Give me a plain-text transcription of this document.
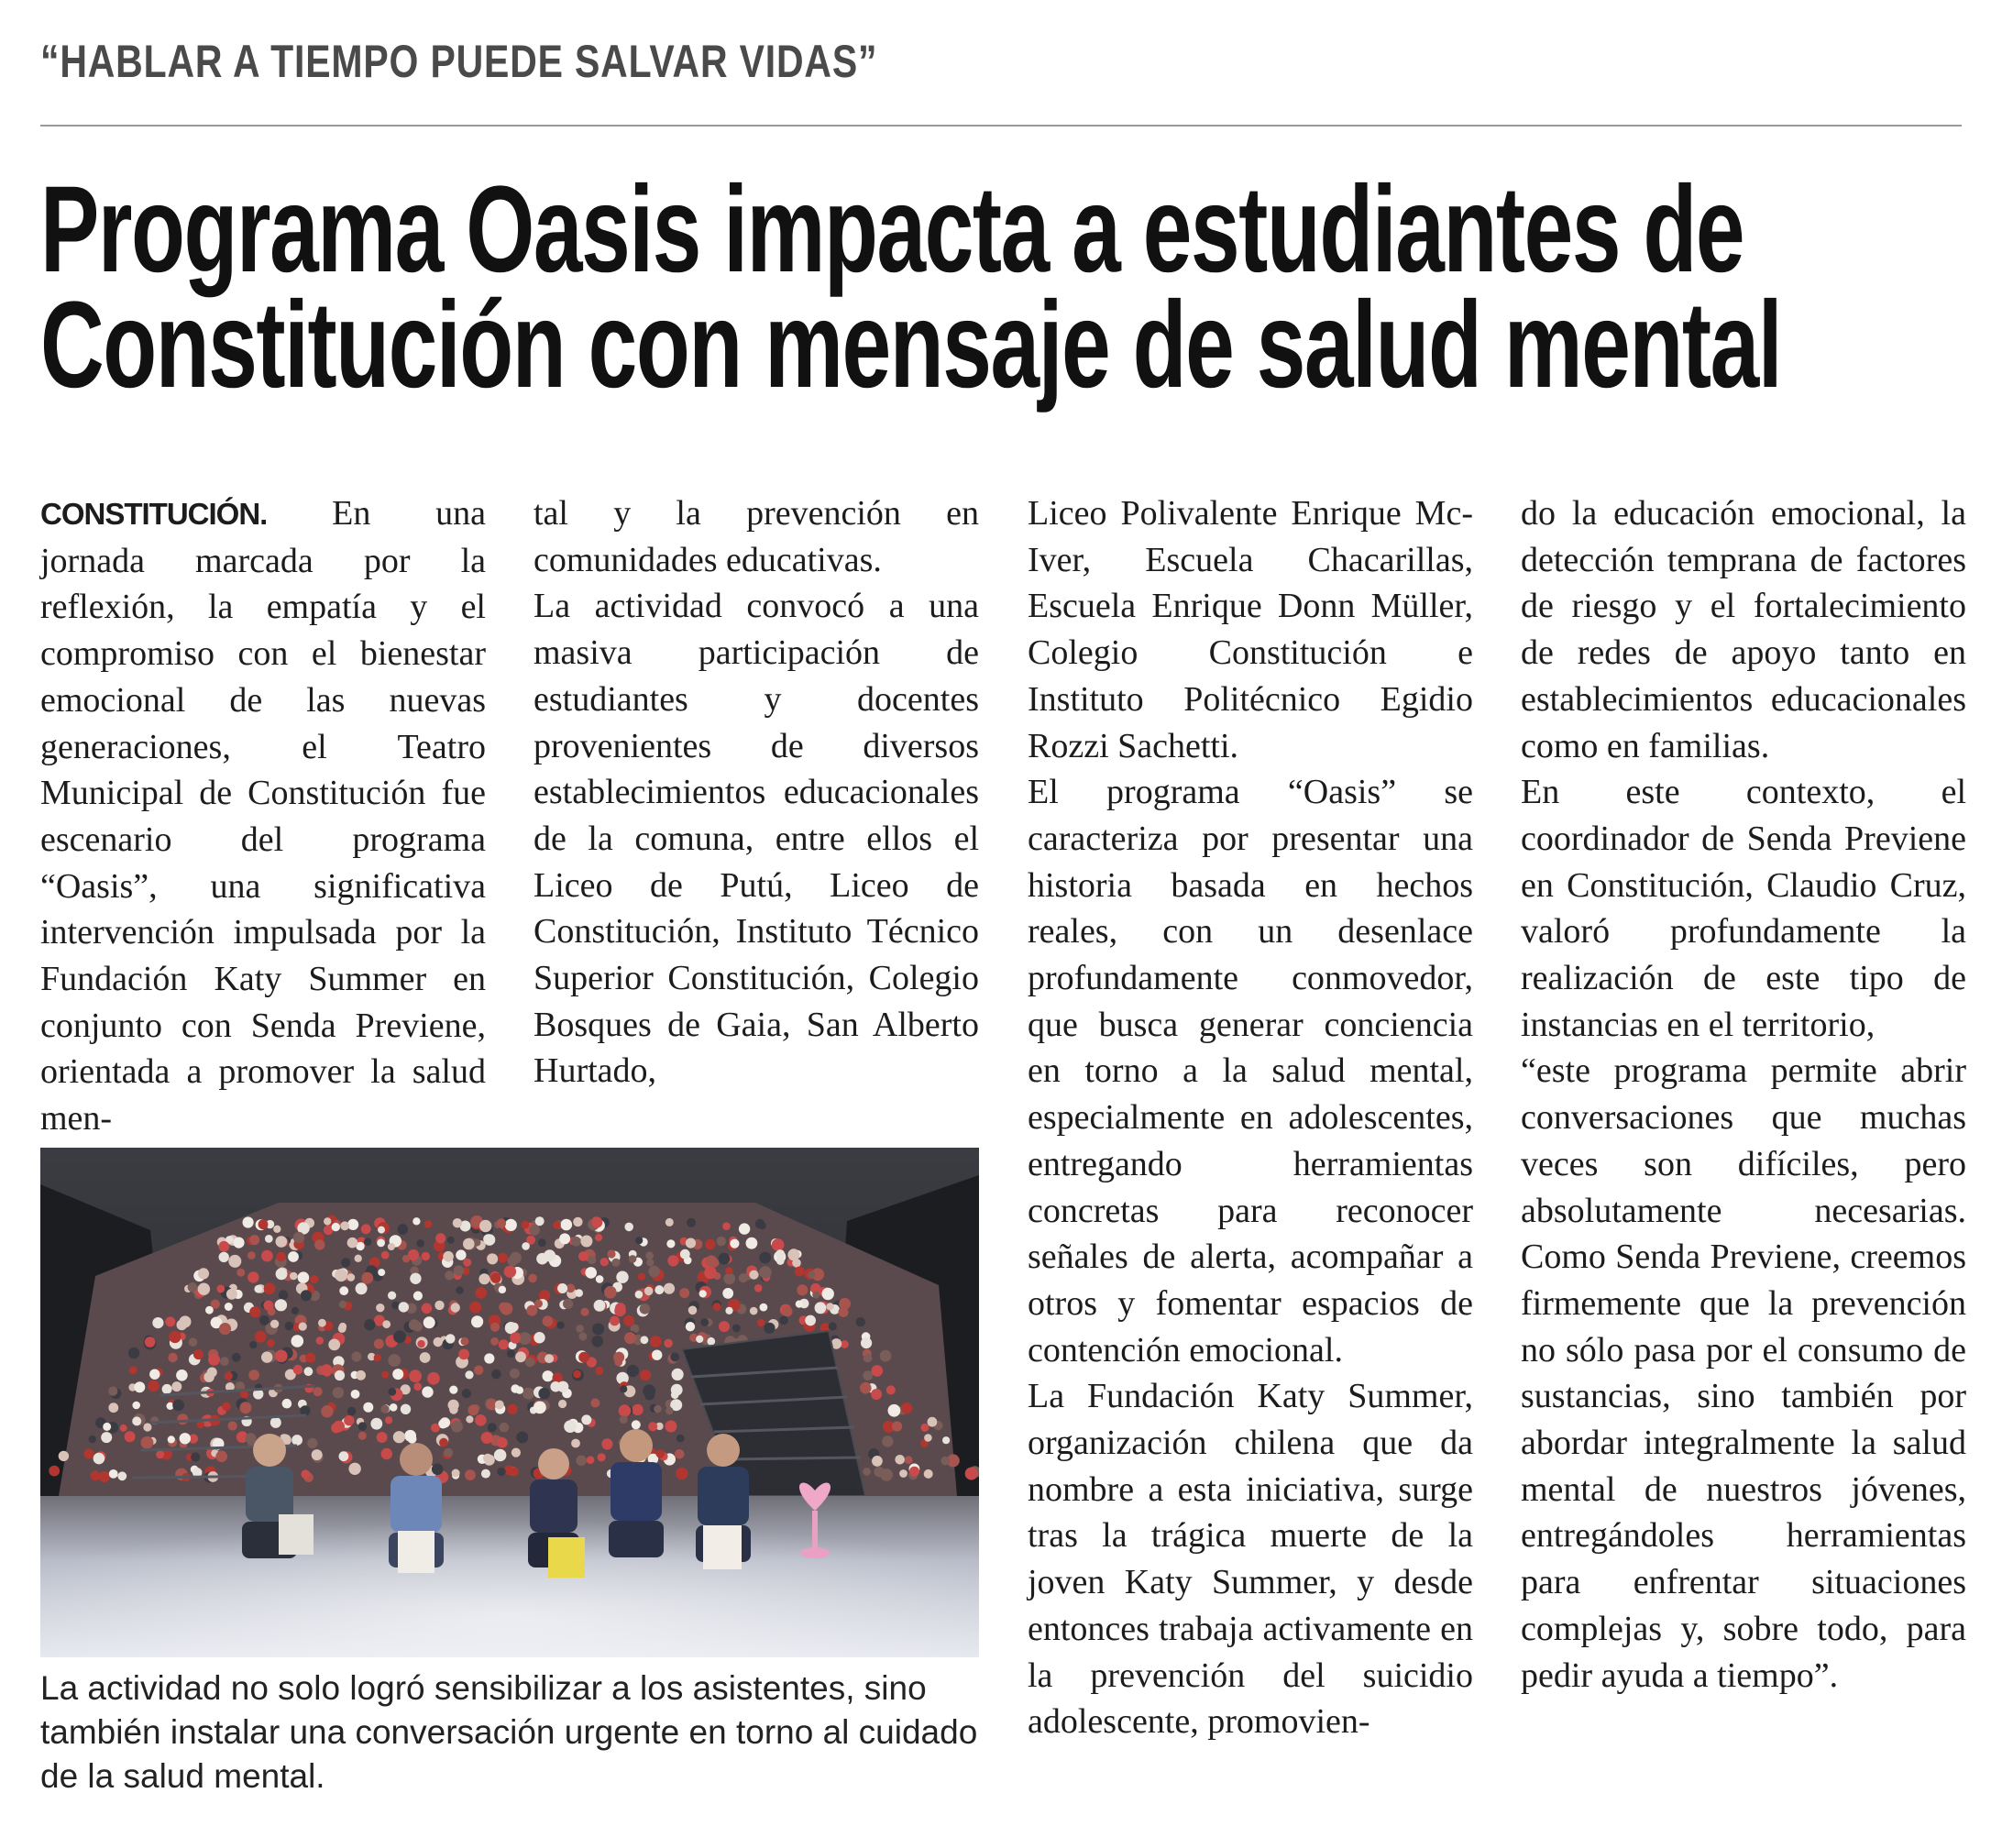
“HABLAR A TIEMPO PUEDE SALVAR VIDAS”
Programa Oasis impacta a estudiantes de
Constitución con mensaje de salud mental

CONSTITUCIÓN. En una jornada marcada por la reflexión, la empatía y el compromiso con el bienestar emocional de las nuevas generaciones, el Teatro Municipal de Constitución fue escenario del programa “Oasis”, una significativa intervención impulsada por la Fundación Katy Summer en conjunto con Senda Previene, orientada a promover la salud men-

tal y la prevención en comunidades educativas.

La actividad convocó a una masiva participación de estudiantes y docentes provenientes de diversos establecimientos educacionales de la comuna, entre ellos el Liceo de Putú, Liceo de Constitución, Instituto Técnico Superior Constitución, Colegio Bosques de Gaia, San Alberto Hurtado,

Liceo Polivalente Enrique Mc-Iver, Escuela Chacarillas, Escuela Enrique Donn Müller, Colegio Constitución e Instituto Politécnico Egidio Rozzi Sachetti.

El programa “Oasis” se caracteriza por presentar una historia basada en hechos reales, con un desenlace profundamente conmovedor, que busca generar conciencia en torno a la salud mental, especialmente en adolescentes, entregando herramientas concretas para reconocer señales de alerta, acompañar a otros y fomentar espacios de contención emocional.

La Fundación Katy Summer, organización chilena que da nombre a esta iniciativa, surge tras la trágica muerte de la joven Katy Summer, y desde entonces trabaja activamente en la prevención del suicidio adolescente, promovien-

do la educación emocional, la detección temprana de factores de riesgo y el fortalecimiento de redes de apoyo tanto en establecimientos educacionales como en familias.

En este contexto, el coordinador de Senda Previene en Constitución, Claudio Cruz, valoró profundamente la realización de este tipo de instancias en el territorio,

“este programa permite abrir conversaciones que muchas veces son difíciles, pero absolutamente necesarias. Como Senda Previene, creemos firmemente que la prevención no sólo pasa por el consumo de sustancias, sino también por abordar integralmente la salud mental de nuestros jóvenes, entregándoles herramientas para enfrentar situaciones complejas y, sobre todo, para pedir ayuda a tiempo”.

La actividad no solo logró sensibilizar a los asistentes, sino también instalar una conversación urgente en torno al cuidado de la salud mental.
